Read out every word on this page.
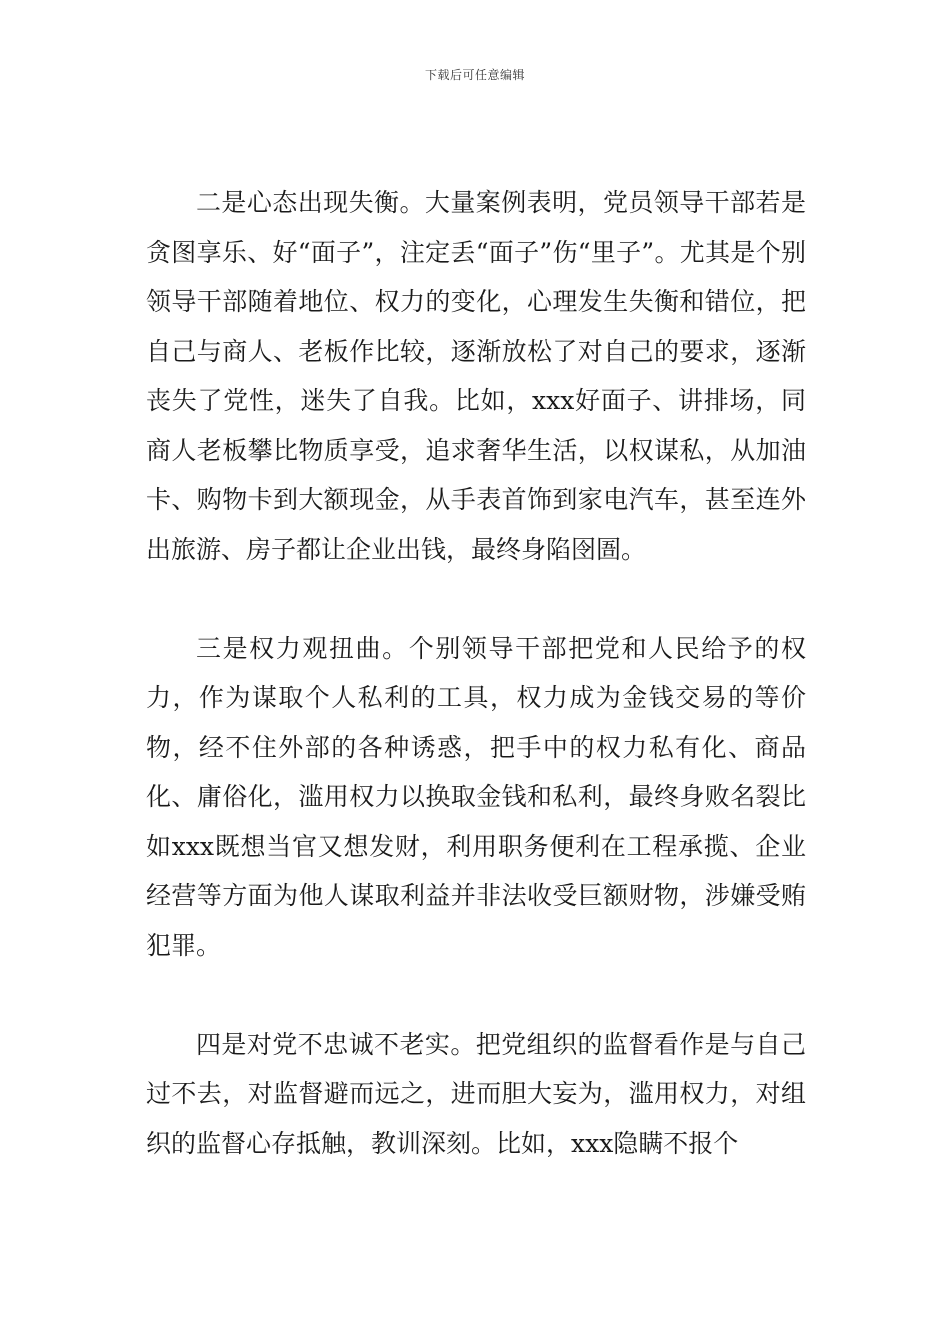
下载后可任意编辑

二是心态出现失衡。大量案例表明，党员领导干部若是贪图享乐、好“面子”，注定丢“面子”伤“里子”。尤其是个别领导干部随着地位、权力的变化，心理发生失衡和错位，把自己与商人、老板作比较，逐渐放松了对自己的要求，逐渐丧失了党性，迷失了自我。比如，xxx好面子、讲排场，同商人老板攀比物质享受，追求奢华生活，以权谋私，从加油卡、购物卡到大额现金，从手表首饰到家电汽车，甚至连外出旅游、房子都让企业出钱，最终身陷囹圄。

三是权力观扭曲。个别领导干部把党和人民给予的权力，作为谋取个人私利的工具，权力成为金钱交易的等价物，经不住外部的各种诱惑，把手中的权力私有化、商品化、庸俗化，滥用权力以换取金钱和私利，最终身败名裂比如xxx既想当官又想发财，利用职务便利在工程承揽、企业经营等方面为他人谋取利益并非法收受巨额财物，涉嫌受贿犯罪。

四是对党不忠诚不老实。把党组织的监督看作是与自己过不去，对监督避而远之，进而胆大妄为，滥用权力，对组织的监督心存抵触，教训深刻。比如，xxx隐瞒不报个
